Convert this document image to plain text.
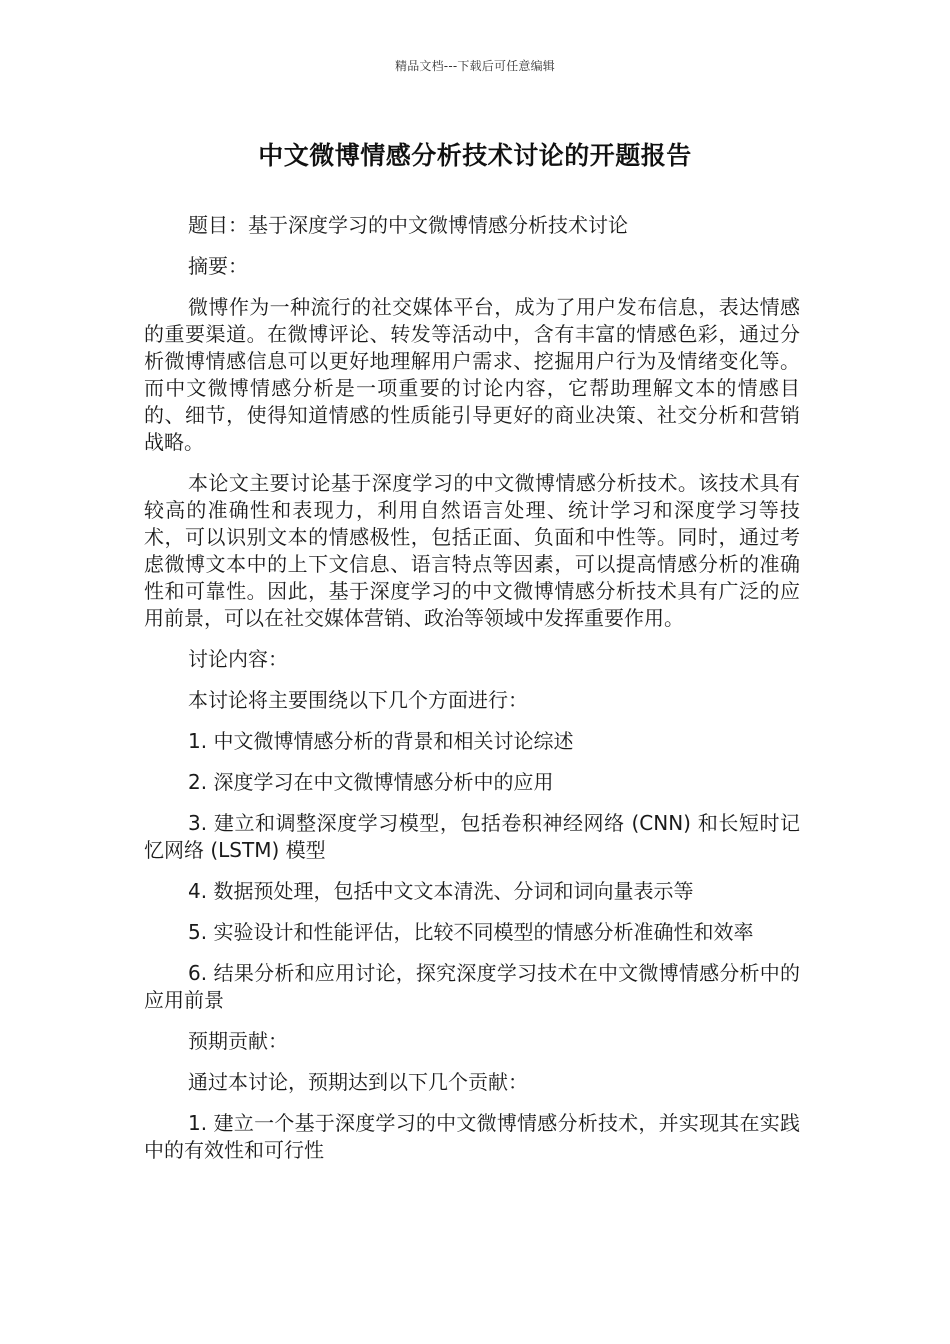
精品文档---下载后可任意编辑
中文微博情感分析技术讨论的开题报告

题目：基于深度学习的中文微博情感分析技术讨论

摘要：

微博作为一种流行的社交媒体平台，成为了用户发布信息，表达情感的重要渠道。在微博评论、转发等活动中，含有丰富的情感色彩，通过分析微博情感信息可以更好地理解用户需求、挖掘用户行为及情绪变化等。而中文微博情感分析是一项重要的讨论内容，它帮助理解文本的情感目的、细节，使得知道情感的性质能引导更好的商业决策、社交分析和营销战略。

本论文主要讨论基于深度学习的中文微博情感分析技术。该技术具有较高的准确性和表现力，利用自然语言处理、统计学习和深度学习等技术，可以识别文本的情感极性，包括正面、负面和中性等。同时，通过考虑微博文本中的上下文信息、语言特点等因素，可以提高情感分析的准确性和可靠性。因此，基于深度学习的中文微博情感分析技术具有广泛的应用前景，可以在社交媒体营销、政治等领域中发挥重要作用。

讨论内容：

本讨论将主要围绕以下几个方面进行：

1. 中文微博情感分析的背景和相关讨论综述

2. 深度学习在中文微博情感分析中的应用

3. 建立和调整深度学习模型，包括卷积神经网络 (CNN) 和长短时记忆网络 (LSTM) 模型

4. 数据预处理，包括中文文本清洗、分词和词向量表示等

5. 实验设计和性能评估，比较不同模型的情感分析准确性和效率

6. 结果分析和应用讨论，探究深度学习技术在中文微博情感分析中的应用前景

预期贡献：

通过本讨论，预期达到以下几个贡献：

1. 建立一个基于深度学习的中文微博情感分析技术，并实现其在实践中的有效性和可行性
